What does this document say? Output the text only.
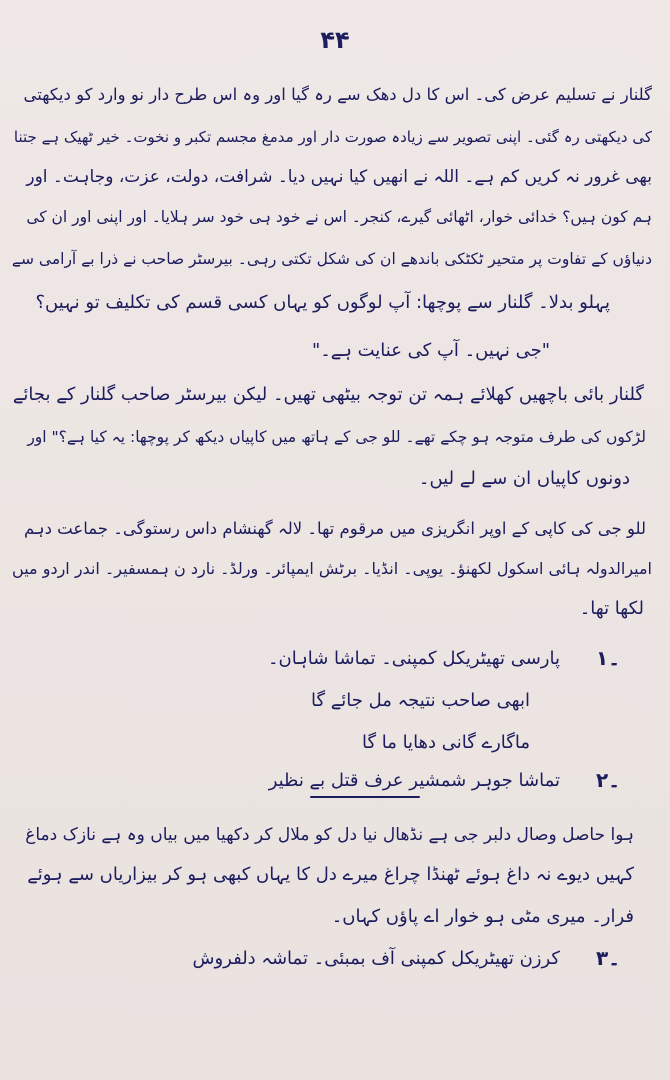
۴۴
گلنار نے تسلیم عرض کی۔ اس کا دل دھک سے رہ گیا اور وہ اس طرح دار نو وارد کو دیکھتی
کی دیکھتی رہ گئی۔ اپنی تصویر سے زیادہ صورت دار اور مدمغ مجسم تکبر و نخوت۔ خیر ٹھیک ہے جتنا
بھی غرور نہ کریں کم ہے۔ اللہ نے انھیں کیا نہیں دیا۔ شرافت، دولت، عزت، وجاہت۔ اور
ہم کون ہیں؟ خدائی خوار، اٹھائی گیرے، کنجر۔ اس نے خود ہی خود سر ہلایا۔ اور اپنی اور ان کی
دنیاؤں کے تفاوت پر متحیر ٹکٹکی باندھے ان کی شکل تکتی رہی۔ بیرسٹر صاحب نے ذرا بے آرامی سے
پہلو بدلا۔ گلنار سے پوچھا: آپ لوگوں کو یہاں کسی قسم کی تکلیف تو نہیں؟
"جی نہیں۔ آپ کی عنایت ہے۔"
گلنار بائی باچھیں کھلائے ہمہ تن توجہ بیٹھی تھیں۔ لیکن بیرسٹر صاحب گلنار کے بجائے
لڑکوں کی طرف متوجہ ہو چکے تھے۔ للو جی کے ہاتھ میں کاپیاں دیکھ کر پوچھا: یہ کیا ہے؟" اور
دونوں کاپیاں ان سے لے لیں۔
للو جی کی کاپی کے اوپر انگریزی میں مرقوم تھا۔ لالہ گھنشام داس رستوگی۔ جماعت دہم
امیرالدولہ ہائی اسکول لکھنؤ۔ یوپی۔ انڈیا۔ برٹش ایمپائر۔ ورلڈ۔ نارد ن ہمسفیر۔ اندر اردو میں
لکھا تھا۔
۔۱
پارسی تھیٹریکل کمپنی۔ تماشا شاہان۔
ابھی صاحب نتیجہ مل جائے گا
ماگارے گانی دھایا ما گا
۔۲
تماشا جوہر شمشیر عرف قتل بے نظیر
ہوا حاصل وصال دلبر جی ہے نڈھال نیا دل کو ملال کر دکھیا میں بیاں وہ ہے نازک دماغ
کہیں دیوے نہ داغ ہوئے ٹھنڈا چراغ میرے دل کا یہاں کبھی ہو کر بیزاریاں سے ہوئے
فرار۔ میری مٹی ہو خوار اے پاؤں کہاں۔
۔۳
کرزن تھیٹریکل کمپنی آف بمبئی۔ تماشہ دلفروش
